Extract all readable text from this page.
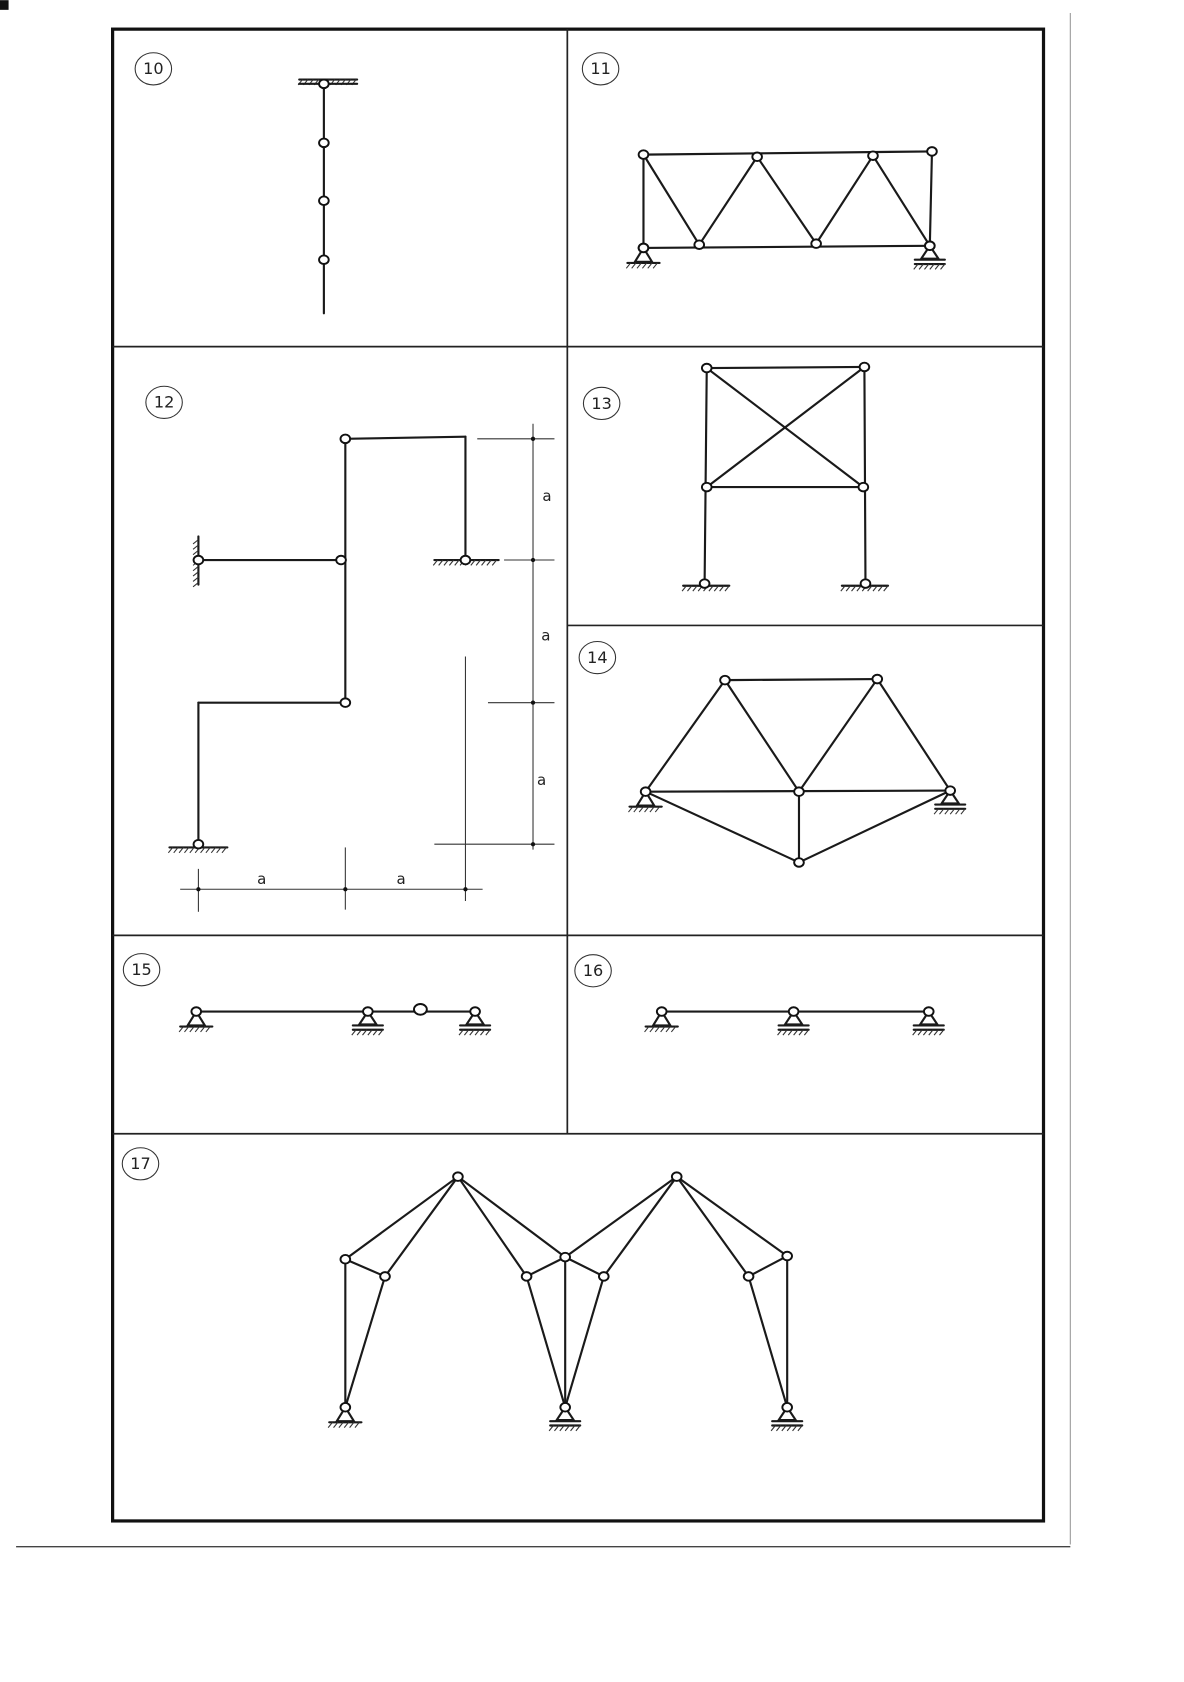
10	11
12	13
14
15	16
17
a
a
a
a	a
